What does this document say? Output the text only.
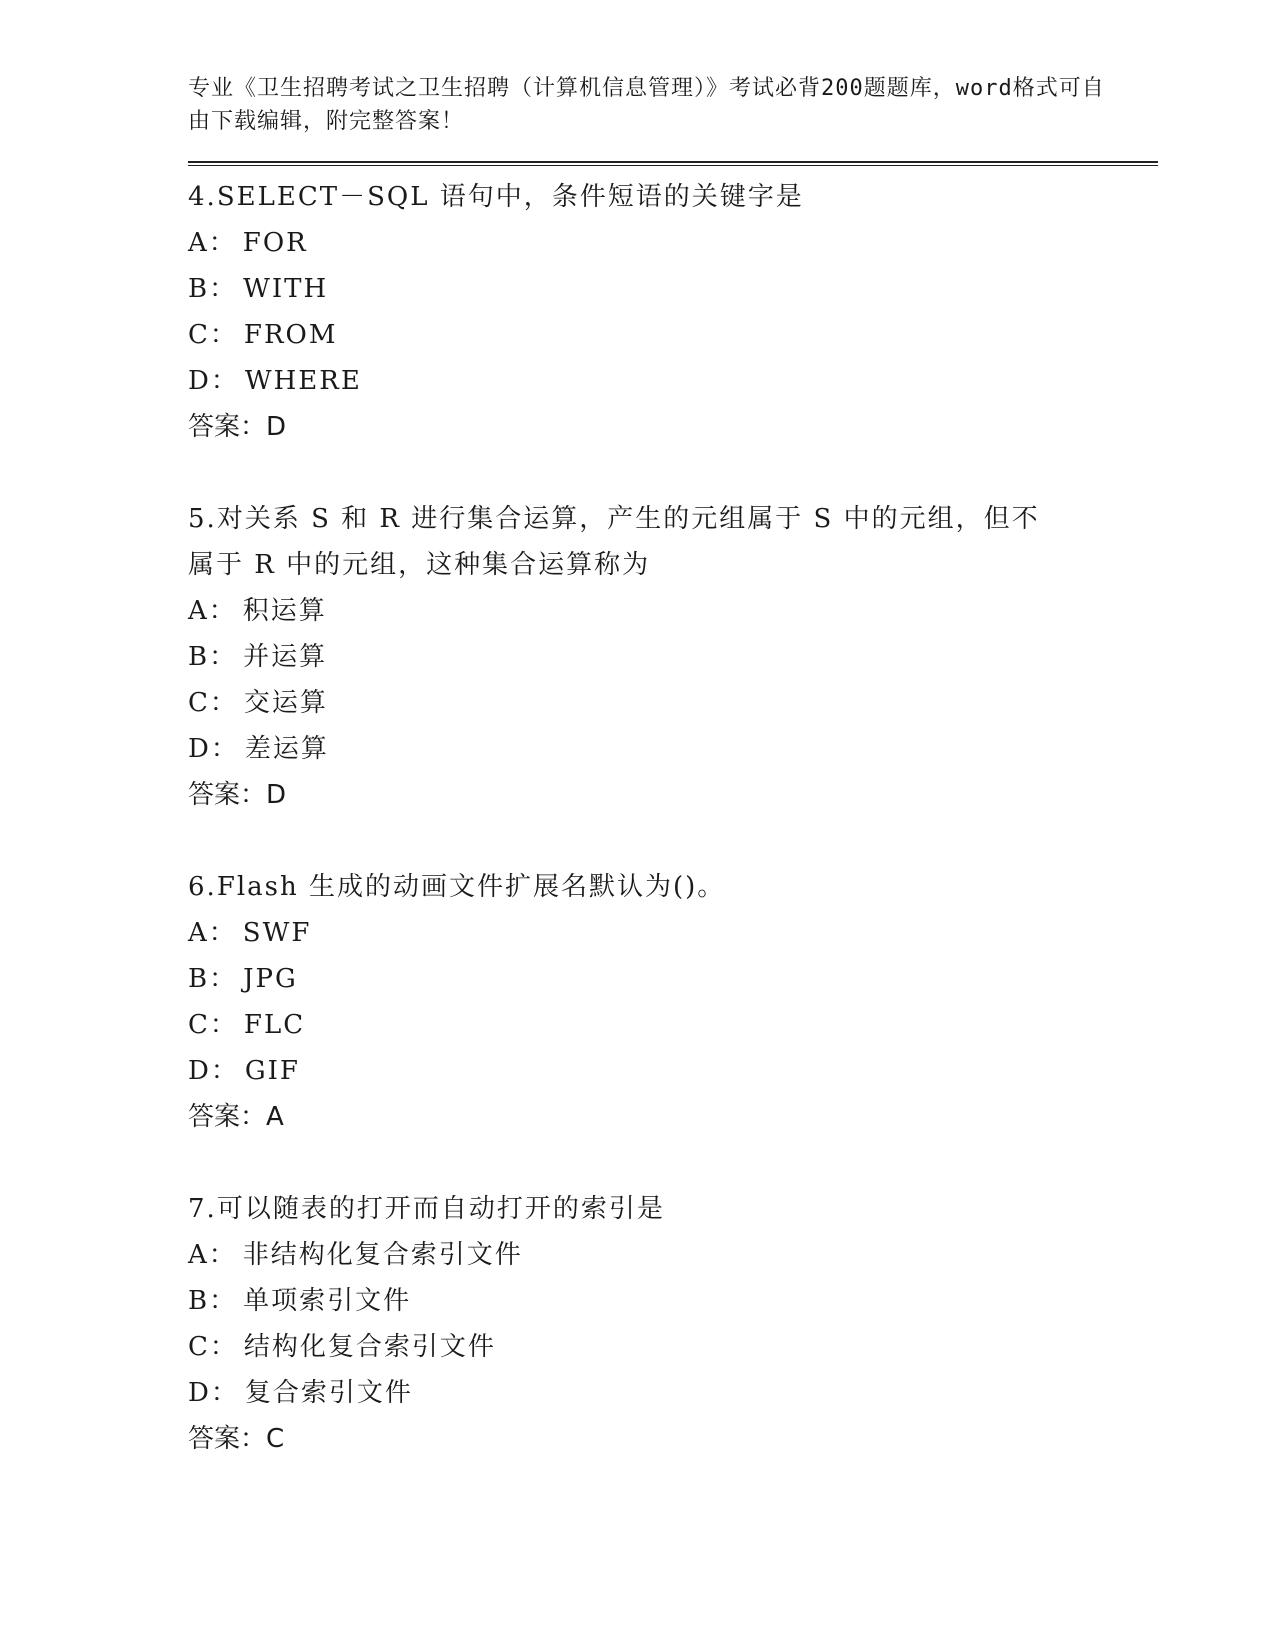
专业《卫生招聘考试之卫生招聘（计算机信息管理）》考试必背200题题库，word格式可自由下载编辑，附完整答案！

4.SELECT－SQL 语句中，条件短语的关键字是

A： FOR

B： WITH

C： FROM

D： WHERE

答案：D

5.对关系 S 和 R 进行集合运算，产生的元组属于 S 中的元组，但不属于 R 中的元组，这种集合运算称为

A： 积运算

B： 并运算

C： 交运算

D： 差运算

答案：D

6.Flash 生成的动画文件扩展名默认为()。

A： SWF

B： JPG

C： FLC

D： GIF

答案：A

7.可以随表的打开而自动打开的索引是

A： 非结构化复合索引文件

B： 单项索引文件

C： 结构化复合索引文件

D： 复合索引文件

答案：C
